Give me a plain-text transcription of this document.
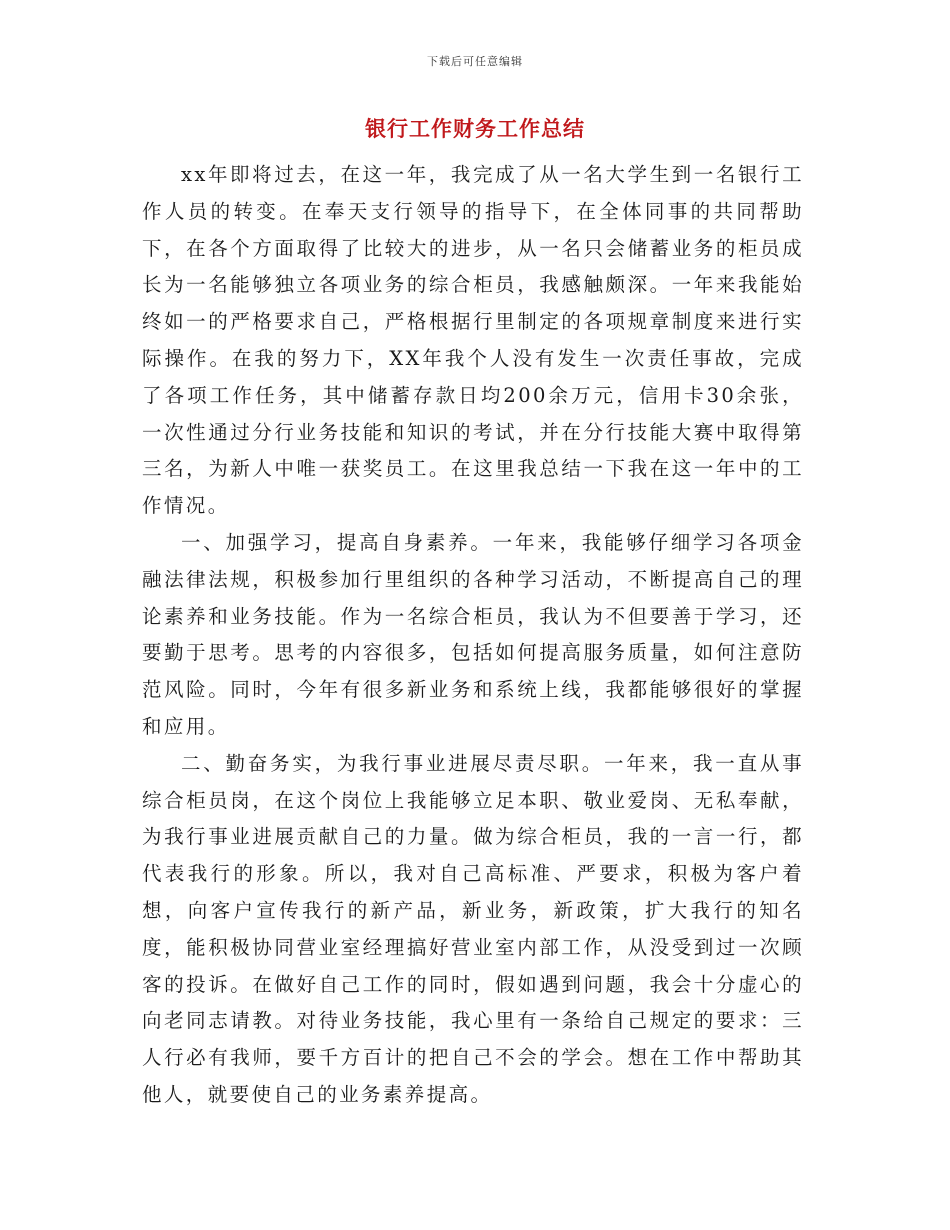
下载后可任意编辑
银行工作财务工作总结

xx年即将过去，在这一年，我完成了从一名大学生到一名银行工作人员的转变。在奉天支行领导的指导下，在全体同事的共同帮助下，在各个方面取得了比较大的进步，从一名只会储蓄业务的柜员成长为一名能够独立各项业务的综合柜员，我感触颇深。一年来我能始终如一的严格要求自己，严格根据行里制定的各项规章制度来进行实际操作。在我的努力下，XX年我个人没有发生一次责任事故，完成了各项工作任务，其中储蓄存款日均200余万元，信用卡30余张，一次性通过分行业务技能和知识的考试，并在分行技能大赛中取得第三名，为新人中唯一获奖员工。在这里我总结一下我在这一年中的工作情况。

一、加强学习，提高自身素养。一年来，我能够仔细学习各项金融法律法规，积极参加行里组织的各种学习活动，不断提高自己的理论素养和业务技能。作为一名综合柜员，我认为不但要善于学习，还要勤于思考。思考的内容很多，包括如何提高服务质量，如何注意防范风险。同时，今年有很多新业务和系统上线，我都能够很好的掌握和应用。

二、勤奋务实，为我行事业进展尽责尽职。一年来，我一直从事综合柜员岗，在这个岗位上我能够立足本职、敬业爱岗、无私奉献，为我行事业进展贡献自己的力量。做为综合柜员，我的一言一行，都代表我行的形象。所以，我对自己高标准、严要求，积极为客户着想，向客户宣传我行的新产品，新业务，新政策，扩大我行的知名度，能积极协同营业室经理搞好营业室内部工作，从没受到过一次顾客的投诉。在做好自己工作的同时，假如遇到问题，我会十分虚心的向老同志请教。对待业务技能，我心里有一条给自己规定的要求：三人行必有我师，要千方百计的把自己不会的学会。想在工作中帮助其他人，就要使自己的业务素养提高。
